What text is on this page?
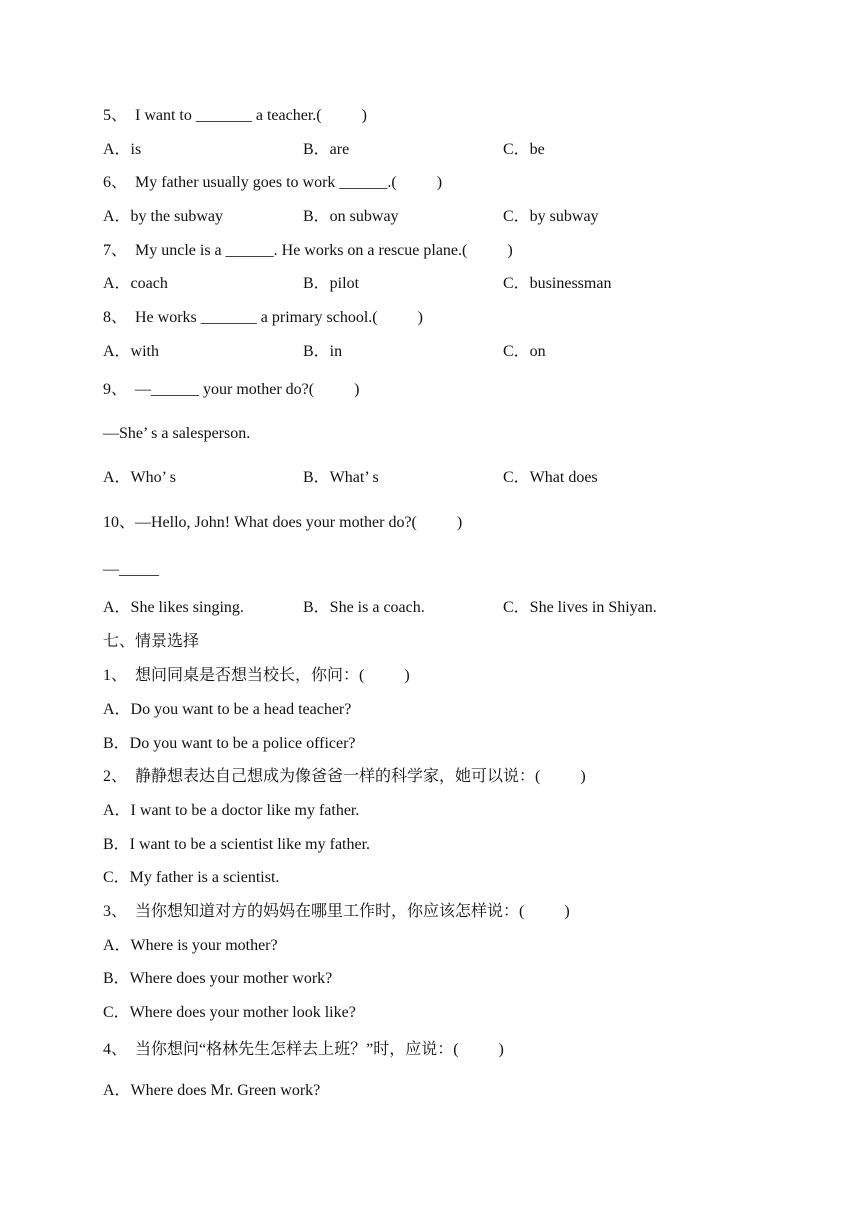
5、  I want to _______ a teacher.(          )
A．is	B．are	C．be
6、  My father usually goes to work ______.(          )
A．by the subway	B．on subway	C．by subway
7、  My uncle is a ______. He works on a rescue plane.(          )
A．coach	B．pilot	C．businessman
8、  He works _______ a primary school.(          )
A．with	B．in	C．on
9、  —______ your mother do?(          )
—She’ s a salesperson.
A．Who’ s	B．What’ s	C．What does
10、—Hello, John! What does your mother do?(          )
—_____
A．She likes singing.	B．She is a coach.	C．She lives in Shiyan.
七、情景选择
1、  想问同桌是否想当校长，你问：(          )
A．Do you want to be a head teacher?
B．Do you want to be a police officer?
2、  静静想表达自己想成为像爸爸一样的科学家，她可以说：(          )
A．I want to be a doctor like my father.
B．I want to be a scientist like my father.
C．My father is a scientist.
3、  当你想知道对方的妈妈在哪里工作时，你应该怎样说：(          )
A．Where is your mother?
B．Where does your mother work?
C．Where does your mother look like?
4、  当你想问“格林先生怎样去上班？”时，应说：(          )
A．Where does Mr. Green work?
